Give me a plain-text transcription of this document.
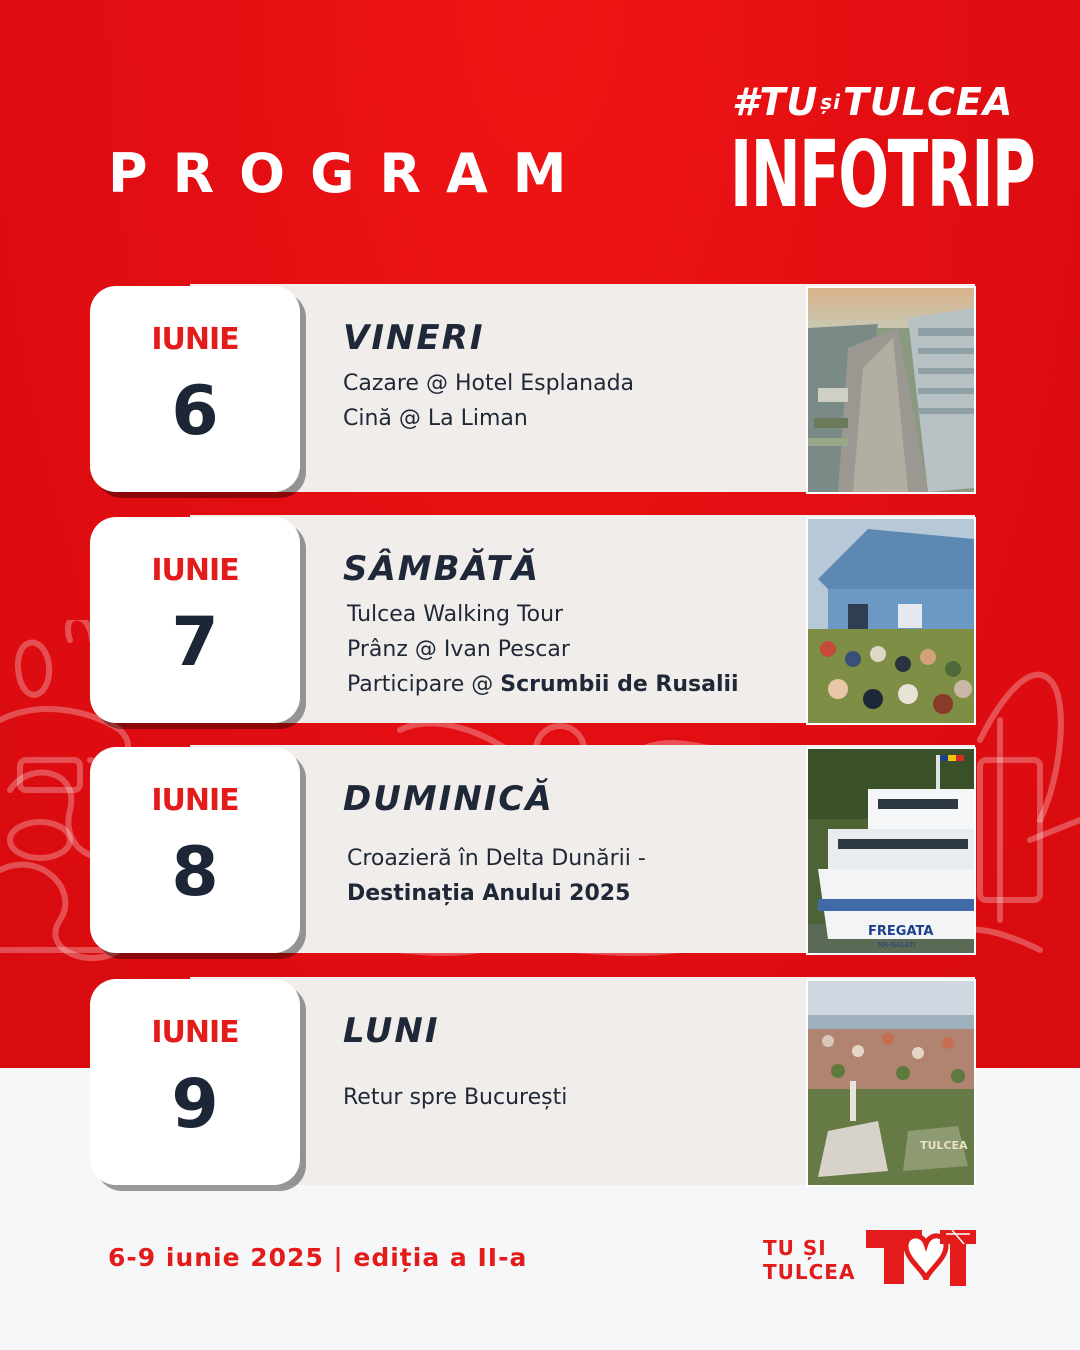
PROGRAM
#TU șiTULCEA
INFOTRIP
IUNIE
6
VINERI
Cazare @ Hotel Esplanada
Cină @ La Liman
IUNIE
7
SÂMBĂTĂ
Tulcea Walking Tour
Prânz @ Ivan Pescar
Participare @ Scrumbii de Rusalii
IUNIE
8
DUMINICĂ
Croazieră în Delta Dunării -
Destinația Anului 2025
FREGATA
NR-GALATI
IUNIE
9
LUNI
Retur spre București
TULCEA
6-9 iunie 2025 | ediția a II-a	TU ȘI
TULCEA
